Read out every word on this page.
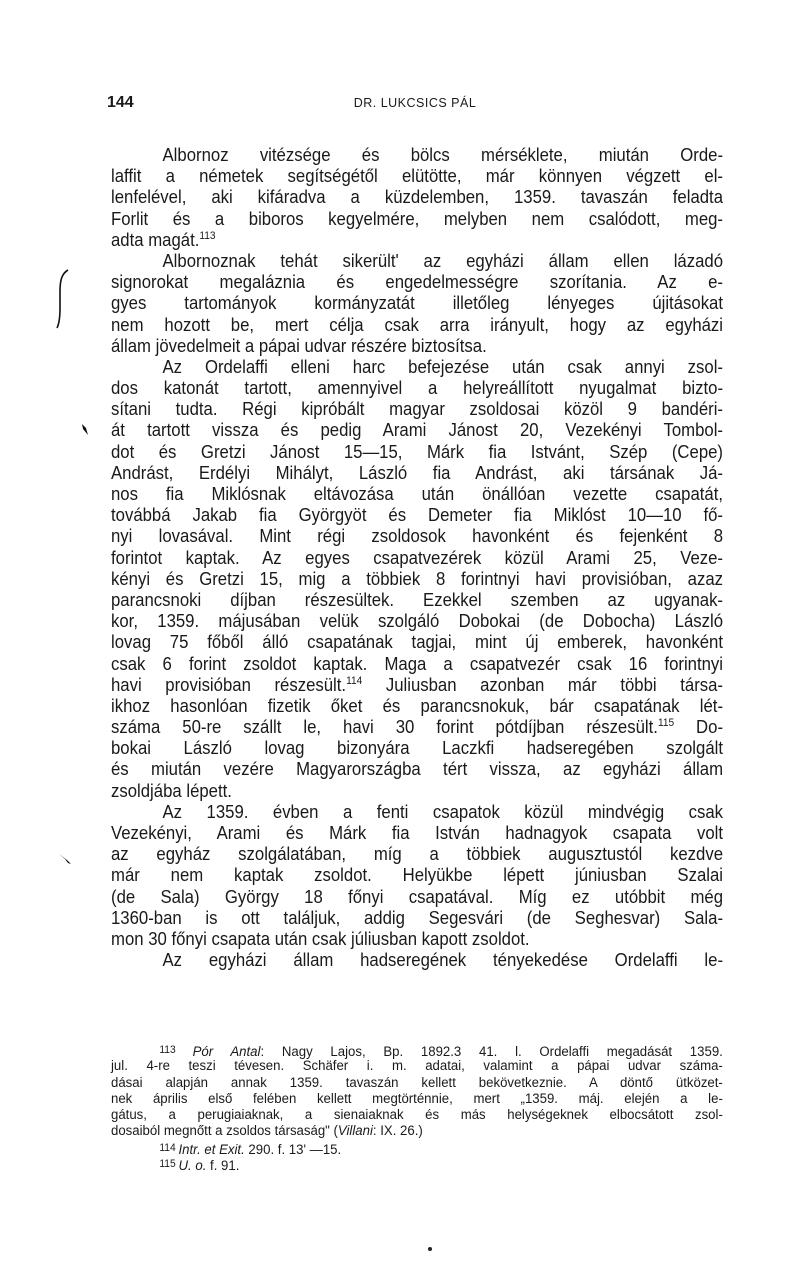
144	DR. LUKCSICS PÁL
Albornoz vitézsége és bölcs mérséklete, miután Orde-
laffit a németek segítségétől elütötte, már könnyen végzett el-
lenfelével, aki kifáradva a küzdelemben, 1359. tavaszán feladta
Forlit és a biboros kegyelmére, melyben nem csalódott, meg-
adta magát.$^{113}$
Albornoznak tehát sikerült' az egyházi állam ellen lázadó
signorokat megaláznia és engedelmességre szorítania. Az e-
gyes tartományok kormányzatát illetőleg lényeges újitásokat
nem hozott be, mert célja csak arra irányult, hogy az egyházi
állam jövedelmeit a pápai udvar részére biztosítsa.
Az Ordelaffi elleni harc befejezése után csak annyi zsol-
dos katonát tartott, amennyivel a helyreállított nyugalmat bizto-
sítani tudta. Régi kipróbált magyar zsoldosai közöl 9 bandéri-
át tartott vissza és pedig Arami Jánost 20, Vezekényi Tombol-
dot és Gretzi Jánost 15—15, Márk fia Istvánt, Szép (Cepe)
Andrást, Erdélyi Mihályt, László fia Andrást, aki társának Já-
nos fia Miklósnak eltávozása után önállóan vezette csapatát,
továbbá Jakab fia Györgyöt és Demeter fia Miklóst 10—10 fő-
nyi lovasával. Mint régi zsoldosok havonként és fejenként 8
forintot kaptak. Az egyes csapatvezérek közül Arami 25, Veze-
kényi és Gretzi 15, mig a többiek 8 forintnyi havi provisióban, azaz
parancsnoki díjban részesültek. Ezekkel szemben az ugyanak-
kor, 1359. májusában velük szolgáló Dobokai (de Dobocha) László
lovag 75 főből álló csapatának tagjai, mint új emberek, havonként
csak 6 forint zsoldot kaptak. Maga a csapatvezér csak 16 forintnyi
havi provisióban részesült.$^{114}$ Juliusban azonban már többi társa-
ikhoz hasonlóan fizetik őket és parancsnokuk, bár csapatának lét-
száma 50-re szállt le, havi 30 forint pótdíjban részesült.$^{115}$ Do-
bokai László lovag bizonyára Laczkfi hadseregében szolgált
és miután vezére Magyarországba tért vissza, az egyházi állam
zsoldjába lépett.
Az 1359. évben a fenti csapatok közül mindvégig csak
Vezekényi, Arami és Márk fia István hadnagyok csapata volt
az egyház szolgálatában, míg a többiek augusztustól kezdve
már nem kaptak zsoldot. Helyükbe lépett júniusban Szalai
(de Sala) György 18 főnyi csapatával. Míg ez utóbbit még
1360-ban is ott találjuk, addig Segesvári (de Seghesvar) Sala-
mon 30 főnyi csapata után csak júliusban kapott zsoldot.
Az egyházi állam hadseregének tényekedése Ordelaffi le-
$^{113}$ Pór Antal: Nagy Lajos, Bp. 1892.3 41. l. Ordelaffi megadását 1359.
jul. 4-re teszi tévesen. Schäfer i. m. adatai, valamint a pápai udvar száma-
dásai alapján annak 1359. tavaszán kellett bekövetkeznie. A döntő ütközet-
nek április első felében kellett megtörténnie, mert „1359. máj. elején a le-
gátus, a perugiaiaknak, a sienaiaknak és más helységeknek elbocsátott zsol-
dosaiból megnőtt a zsoldos társaság" (Villani: IX. 26.)
$^{114}$ Intr. et Exit. 290. f. 13' —15.
$^{115}$ U. o. f. 91.
